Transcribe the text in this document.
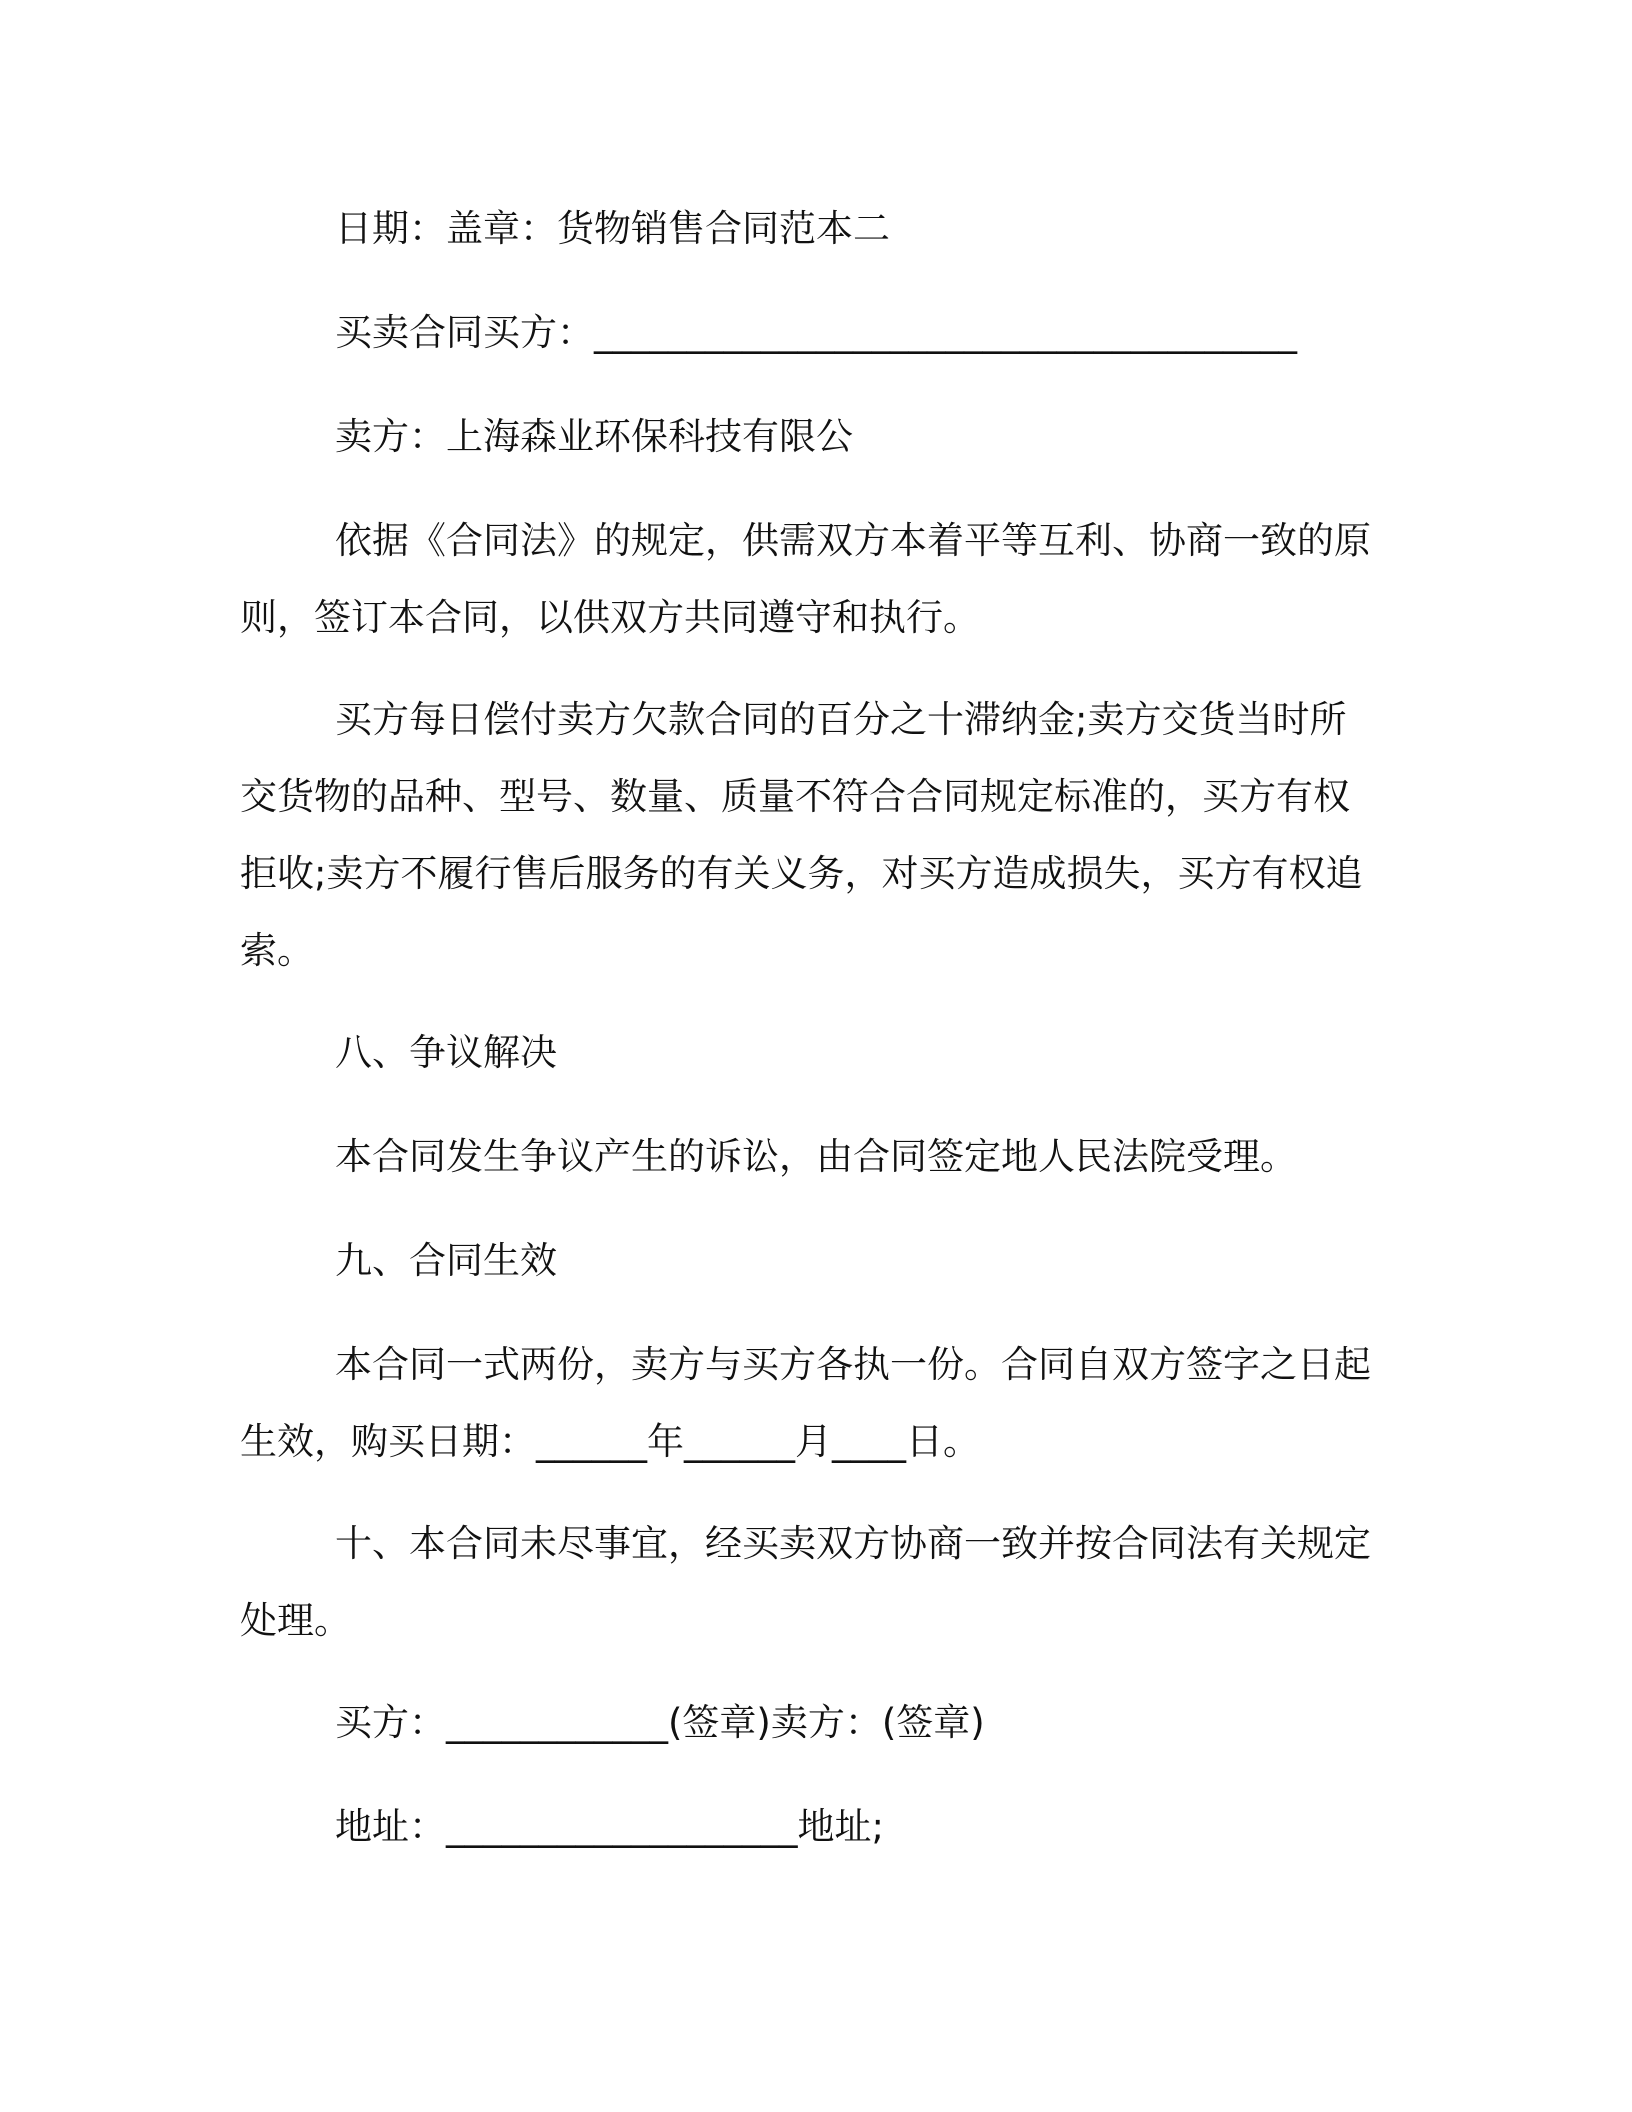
日期：盖章：货物销售合同范本二

买卖合同买方：______________________________________

卖方：上海森业环保科技有限公

依据《合同法》的规定，供需双方本着平等互利、协商一致的原则，签订本合同，以供双方共同遵守和执行。

买方每日偿付卖方欠款合同的百分之十滞纳金;卖方交货当时所交货物的品种、型号、数量、质量不符合合同规定标准的，买方有权拒收;卖方不履行售后服务的有关义务，对买方造成损失，买方有权追索。

八、争议解决

本合同发生争议产生的诉讼，由合同签定地人民法院受理。

九、合同生效

本合同一式两份，卖方与买方各执一份。合同自双方签字之日起生效，购买日期：______年______月____日。

十、本合同未尽事宜，经买卖双方协商一致并按合同法有关规定处理。

买方：____________(签章)卖方：(签章)

地址：___________________地址;
